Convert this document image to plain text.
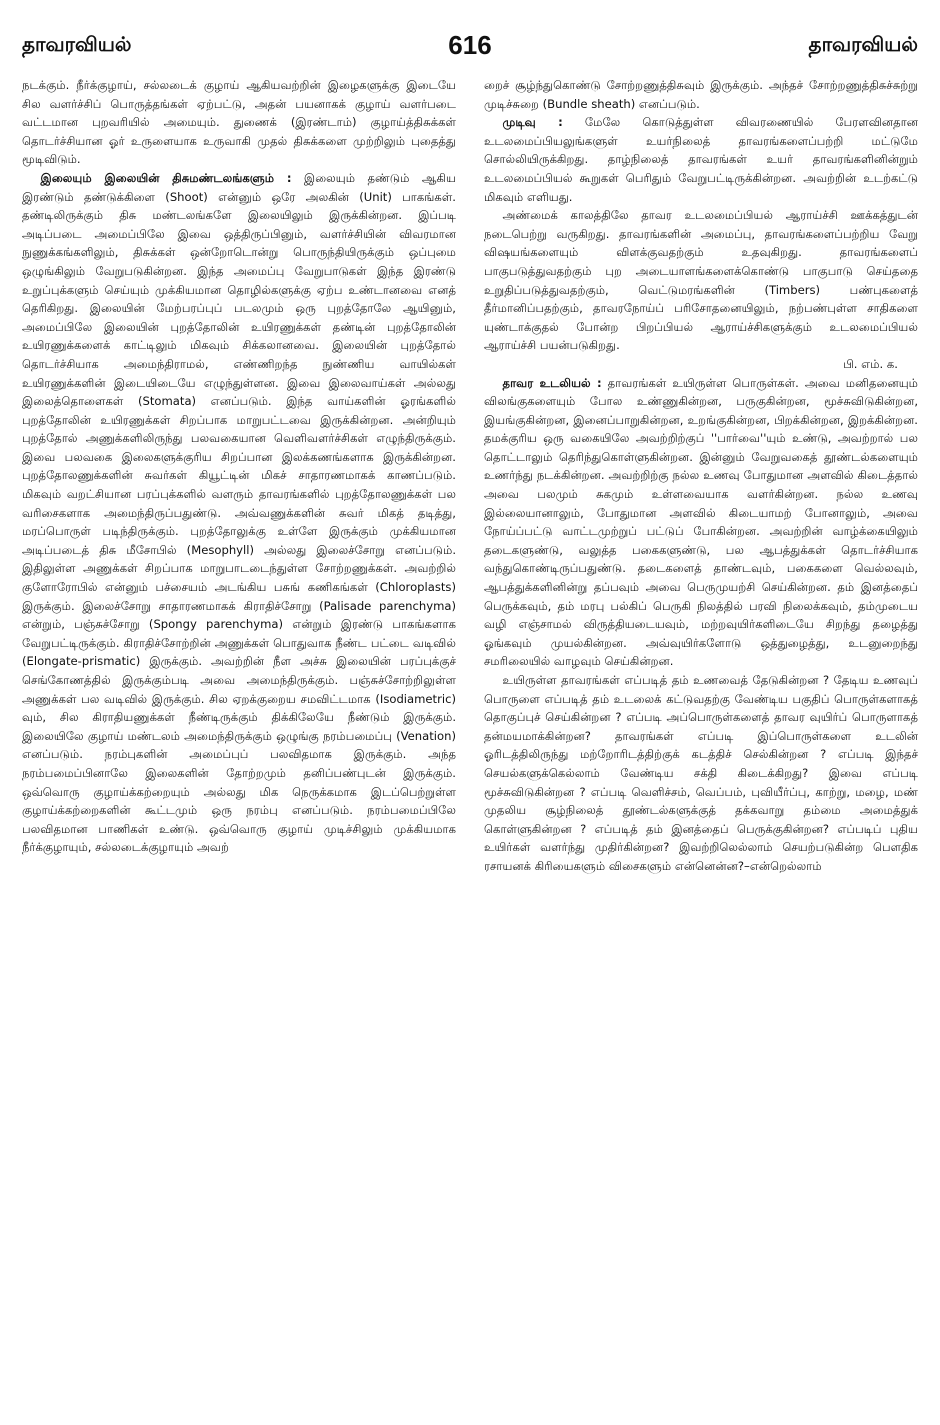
தாவரவியல்	616	தாவரவியல்

நடக்கும். நீர்க்குழாய், சல்லடைக் குழாய் ஆகியவற்றின் இழைகளுக்கு இடையே சில வளர்ச்சிப் பொருத்தங்கள் ஏற்பட்டு, அதன் பயனாகக் குழாய் வளர்படை வட்டமான புறவரியில் அமையும். துணைக் (இரண்டாம்) குழாய்த்திசுக்கள் தொடர்ச்சியான ஓர் உருளையாக உருவாகி முதல் திசுக்களை முற்றிலும் புதைத்து மூடிவிடும்.

இலையும் இலையின் திசுமண்டலங்களும் : இலையும் தண்டும் ஆகிய இரண்டும் தண்டுக்கிளை (Shoot) என்னும் ஒரே அலகின் (Unit) பாகங்கள். தண்டிலிருக்கும் திசு மண்டலங்களே இலையிலும் இருக்கின்றன. இப்படி அடிப்படை அமைப்பிலே இவை ஒத்திருப்பினும், வளர்ச்சியின் விவரமான நுணுக்கங்களிலும், திசுக்கள் ஒன்றோடொன்று பொருந்தியிருக்கும் ஒப்புமை ஒழுங்கிலும் வேறுபடுகின்றன. இந்த அமைப்பு வேறுபாடுகள் இந்த இரண்டு உறுப்புக்களும் செய்யும் முக்கியமான தொழில்களுக்கு ஏற்ப உண்டானவை எனத் தெரிகிறது. இலையின் மேற்பரப்புப் படலமும் ஒரு புறத்தோலே ஆயினும், அமைப்பிலே இலையின் புறத்தோலின் உயிரணுக்கள் தண்டின் புறத்தோலின் உயிரணுக்களைக் காட்டிலும் மிகவும் சிக்கலானவை. இலையின் புறத்தோல் தொடர்ச்சியாக அமைந்திராமல், எண்ணிறந்த நுண்ணிய வாயில்கள் உயிரணுக்களின் இடையிடையே எழுந்துள்ளன. இவை இலைவாய்கள் அல்லது இலைத்தொளைகள் (Stomata) எனப்படும். இந்த வாய்களின் ஓரங்களில் புறத்தோலின் உயிரணுக்கள் சிறப்பாக மாறுபட்டவை இருக்கின்றன. அன்றியும் புறத்தோல் அணுக்களிலிருந்து பலவகையான வெளிவளர்ச்சிகள் எழுந்திருக்கும். இவை பலவகை இலைகளுக்குரிய சிறப்பான இலக்கணங்களாக இருக்கின்றன. புறத்தோலணுக்களின் சுவர்கள் கியூட்டின் மிகச் சாதாரணமாகக் காணப்படும். மிகவும் வறட்சியான பரப்புக்களில் வளரும் தாவரங்களில் புறத்தோலணுக்கள் பல வரிசைகளாக அமைந்திருப்பதுண்டு. அவ்வணுக்களின் சுவர் மிகத் தடித்து, மரப்பொருள் படிந்திருக்கும். புறத்தோலுக்கு உள்ளே இருக்கும் முக்கியமான அடிப்படைத் திசு மீசோபில் (Mesophyll) அல்லது இலைச்சோறு எனப்படும். இதிலுள்ள அணுக்கள் சிறப்பாக மாறுபாடடைந்துள்ள சோற்றணுக்கள். அவற்றில் குளோரோபில் என்னும் பச்சையம் அடங்கிய பசுங் கணிகங்கள் (Chloroplasts) இருக்கும். இலைச்சோறு சாதாரணமாகக் கிராதிச்சோறு (Palisade parenchyma) என்றும், பஞ்சுச்சோறு (Spongy parenchyma) என்றும் இரண்டு பாகங்களாக வேறுபட்டிருக்கும். கிராதிச்சோற்றின் அணுக்கள் பொதுவாக நீண்ட பட்டை வடிவில் (Elongate-prismatic) இருக்கும். அவற்றின் நீள அச்சு இலையின் பரப்புக்குச் செங்கோணத்தில் இருக்கும்படி அவை அமைந்திருக்கும். பஞ்சுச்சோற்றிலுள்ள அணுக்கள் பல வடிவில் இருக்கும். சில ஏறக்குறைய சமவிட்டமாக (Isodiametric) வும், சில கிராதியணுக்கள் நீண்டிருக்கும் திக்கிலேயே நீண்டும் இருக்கும். இலையிலே குழாய் மண்டலம் அமைந்திருக்கும் ஒழுங்கு நரம்பமைப்பு (Venation) எனப்படும். நரம்புகளின் அமைப்புப் பலவிதமாக இருக்கும். அந்த நரம்பமைப்பினாலே இலைகளின் தோற்றமும் தனிப்பண்புடன் இருக்கும். ஒவ்வொரு குழாய்க்கற்றையும் அல்லது மிக நெருக்கமாக இடப்பெற்றுள்ள குழாய்க்கற்றைகளின் கூட்டமும் ஒரு நரம்பு எனப்படும். நரம்பமைப்பிலே பலவிதமான பாணிகள் உண்டு. ஒவ்வொரு குழாய் முடிச்சிலும் முக்கியமாக நீர்க்குழாயும், சல்லடைக்குழாயும் அவற்

றைச் சூழ்ந்துகொண்டு சோற்றணுத்திசுவும் இருக்கும். அந்தச் சோற்றணுத்திசுச்சுற்று முடிச்சுறை (Bundle sheath) எனப்படும்.

முடிவு : மேலே கொடுத்துள்ள விவரணையில் பேரளவினதான உடலமைப்பியலுங்களுள் உயர்நிலைத் தாவரங்களைப்பற்றி மட்டுமே சொல்லியிருக்கிறது. தாழ்நிலைத் தாவரங்கள் உயர் தாவரங்களினின்றும் உடலமைப்பியல் கூறுகள் பெரிதும் வேறுபட்டிருக்கின்றன. அவற்றின் உடற்கட்டு மிகவும் எளியது.

அண்மைக் காலத்திலே தாவர உடலமைப்பியல் ஆராய்ச்சி ஊக்கத்துடன் நடைபெற்று வருகிறது. தாவரங்களின் அமைப்பு, தாவரங்களைப்பற்றிய வேறு விஷயங்களையும் விளக்குவதற்கும் உதவுகிறது. தாவரங்களைப் பாகுபடுத்துவதற்கும் புற அடையாளங்களைக்கொண்டு பாகுபாடு செய்ததை உறுதிப்படுத்துவதற்கும், வெட்டுமரங்களின் (Timbers) பண்புகளைத் தீர்மானிப்பதற்கும், தாவரநோய்ப் பரிசோதனையிலும், நற்பண்புள்ள சாதிகளை யுண்டாக்குதல் போன்ற பிறப்பியல் ஆராய்ச்சிகளுக்கும் உடலமைப்பியல் ஆராய்ச்சி பயன்படுகிறது.

பி. எம். க.

தாவர உடலியல் : தாவரங்கள் உயிருள்ள பொருள்கள். அவை மனிதனையும் விலங்குகளையும் போல உண்ணுகின்றன, பருகுகின்றன, மூச்சுவிடுகின்றன, இயங்குகின்றன, இனைப்பாறுகின்றன, உறங்குகின்றன, பிறக்கின்றன, இறக்கின்றன. தமக்குரிய ஒரு வகையிலே அவற்றிற்குப் ''பார்வை''யும் உண்டு, அவற்றால் பல தொட்டாலும் தெரிந்துகொள்ளுகின்றன. இன்னும் வேறுவகைத் தூண்டல்களையும் உணர்ந்து நடக்கின்றன. அவற்றிற்கு நல்ல உணவு போதுமான அளவில் கிடைத்தால் அவை பலமும் சுகமும் உள்ளவையாக வளர்கின்றன. நல்ல உணவு இல்லையானாலும், போதுமான அளவில் கிடையாமற் போனாலும், அவை நோய்ப்பட்டு வாட்டமுற்றுப் பட்டுப் போகின்றன. அவற்றின் வாழ்க்கையிலும் தடைகளுண்டு, வலுத்த பகைகளுண்டு, பல ஆபத்துக்கள் தொடர்ச்சியாக வந்துகொண்டிருப்பதுண்டு. தடைகளைத் தாண்டவும், பகைகளை வெல்லவும், ஆபத்துக்களினின்று தப்பவும் அவை பெருமுயற்சி செய்கின்றன. தம் இனத்தைப் பெருக்கவும், தம் மரபு பல்கிப் பெருகி நிலத்தில் பரவி நிலைக்கவும், தம்முடைய வழி எஞ்சாமல் விருத்தியடையவும், மற்றவுயிர்களிடையே சிறந்து தழைத்து ஓங்கவும் முயல்கின்றன. அவ்வுயிர்களோடு ஒத்துழைத்து, உடனுறைந்து சமரிலையில் வாழவும் செய்கின்றன.

உயிருள்ள தாவரங்கள் எப்படித் தம் உணவைத் தேடுகின்றன ? தேடிய உணவுப் பொருளை எப்படித் தம் உடலைக் கட்டுவதற்கு வேண்டிய பகுதிப் பொருள்களாகத் தொகுப்புச் செய்கின்றன ? எப்படி அப்பொருள்களைத் தாவர வுயிர்ப் பொருளாகத் தன்மயமாக்கின்றன? தாவரங்கள் எப்படி இப்பொருள்களை உடலின் ஓரிடத்திலிருந்து மற்றோரிடத்திற்குக் கடத்திச் செல்கின்றன ? எப்படி இந்தச் செயல்களுக்கெல்லாம் வேண்டிய சக்தி கிடைக்கிறது? இவை எப்படி மூச்சுவிடுகின்றன ? எப்படி வெளிச்சம், வெப்பம், புவியீர்ப்பு, காற்று, மழை, மண் முதலிய சூழ்நிலைத் தூண்டல்களுக்குத் தக்கவாறு தம்மை அமைத்துக் கொள்ளுகின்றன ? எப்படித் தம் இனத்தைப் பெருக்குகின்றன? எப்படிப் புதிய உயிர்கள் வளர்ந்து முதிர்கின்றன? இவற்றிலெல்லாம் செயற்படுகின்ற பௌதிக ரசாயனக் கிரியைகளும் விசைகளும் என்னென்ன?–என்றெல்லாம்
